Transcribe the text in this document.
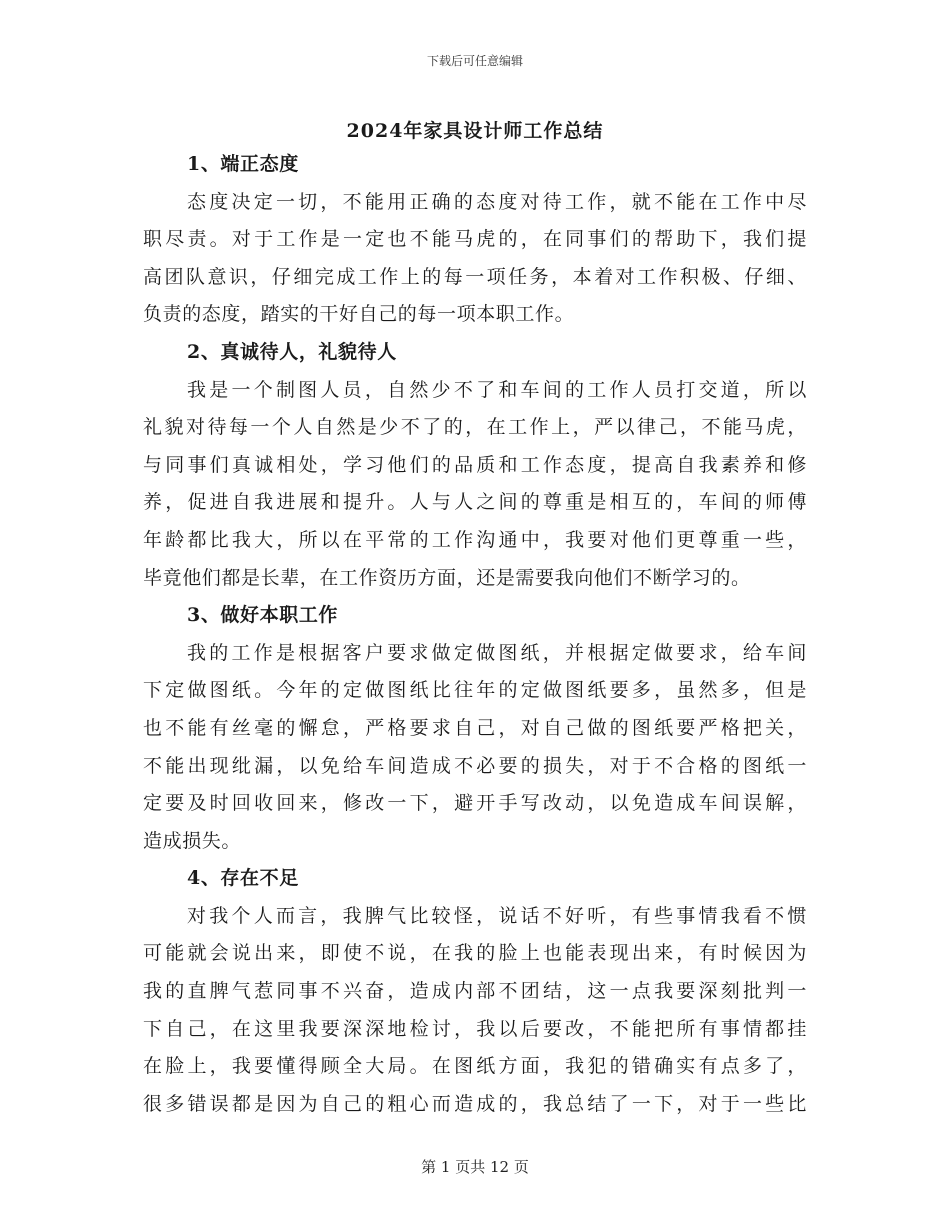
下载后可任意编辑
2024年家具设计师工作总结
1、端正态度
态度决定一切，不能用正确的态度对待工作，就不能在工作中尽
职尽责。对于工作是一定也不能马虎的，在同事们的帮助下，我们提
高团队意识，仔细完成工作上的每一项任务，本着对工作积极、仔细、
负责的态度，踏实的干好自己的每一项本职工作。
2、真诚待人，礼貌待人
我是一个制图人员，自然少不了和车间的工作人员打交道，所以
礼貌对待每一个人自然是少不了的，在工作上，严以律己，不能马虎，
与同事们真诚相处，学习他们的品质和工作态度，提高自我素养和修
养，促进自我进展和提升。人与人之间的尊重是相互的，车间的师傅
年龄都比我大，所以在平常的工作沟通中，我要对他们更尊重一些，
毕竟他们都是长辈，在工作资历方面，还是需要我向他们不断学习的。
3、做好本职工作
我的工作是根据客户要求做定做图纸，并根据定做要求，给车间
下定做图纸。今年的定做图纸比往年的定做图纸要多，虽然多，但是
也不能有丝毫的懈怠，严格要求自己，对自己做的图纸要严格把关，
不能出现纰漏，以免给车间造成不必要的损失，对于不合格的图纸一
定要及时回收回来，修改一下，避开手写改动，以免造成车间误解，
造成损失。
4、存在不足
对我个人而言，我脾气比较怪，说话不好听，有些事情我看不惯
可能就会说出来，即使不说，在我的脸上也能表现出来，有时候因为
我的直脾气惹同事不兴奋，造成内部不团结，这一点我要深刻批判一
下自己，在这里我要深深地检讨，我以后要改，不能把所有事情都挂
在脸上，我要懂得顾全大局。在图纸方面，我犯的错确实有点多了，
很多错误都是因为自己的粗心而造成的，我总结了一下，对于一些比
第 1 页共 12 页
